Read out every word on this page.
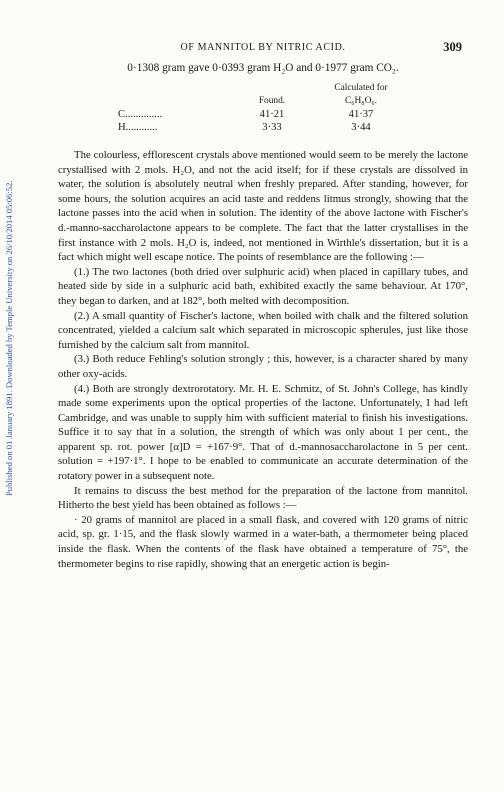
Published on 01 January 1891. Downloaded by Temple University on 26/10/2014 05:06:52.
OF MANNITOL BY NITRIC ACID.	309
0·1308 gram gave 0·0393 gram H₂O and 0·1977 gram CO₂.
	Found.	Calculated for
C₆H₈O₆.

C..............	41·21	41·37
H............	3·33	3·44

The colourless, efflorescent crystals above mentioned would seem to be merely the lactone crystallised with 2 mols. H₂O, and not the acid itself; for if these crystals are dissolved in water, the solution is absolutely neutral when freshly prepared. After standing, however, for some hours, the solution acquires an acid taste and reddens litmus strongly, showing that the lactone passes into the acid when in solution. The identity of the above lactone with Fischer's d.-manno-saccharolactone appears to be complete. The fact that the latter crystallises in the first instance with 2 mols. H₂O is, indeed, not mentioned in Wirthle's dissertation, but it is a fact which might well escape notice. The points of resemblance are the following :—

(1.) The two lactones (both dried over sulphuric acid) when placed in capillary tubes, and heated side by side in a sulphuric acid bath, exhibited exactly the same behaviour. At 170°, they began to darken, and at 182°, both melted with decomposition.

(2.) A small quantity of Fischer's lactone, when boiled with chalk and the filtered solution concentrated, yielded a calcium salt which separated in microscopic spherules, just like those furnished by the calcium salt from mannitol.

(3.) Both reduce Fehling's solution strongly ; this, however, is a character shared by many other oxy-acids.

(4.) Both are strongly dextrorotatory. Mr. H. E. Schmitz, of St. John's College, has kindly made some experiments upon the optical properties of the lactone. Unfortunately, I had left Cambridge, and was unable to supply him with sufficient material to finish his investigations. Suffice it to say that in a solution, the strength of which was only about 1 per cent., the apparent sp. rot. power [α]D = +167·9°. That of d.-mannosaccharolactone in 5 per cent. solution = +197·1°. I hope to be enabled to communicate an accurate determination of the rotatory power in a subsequent note.

It remains to discuss the best method for the preparation of the lactone from mannitol. Hitherto the best yield has been obtained as follows :—

· 20 grams of mannitol are placed in a small flask, and covered with 120 grams of nitric acid, sp. gr. 1·15, and the flask slowly warmed in a water-bath, a thermometer being placed inside the flask. When the contents of the flask have obtained a temperature of 75°, the thermometer begins to rise rapidly, showing that an energetic action is begin-
